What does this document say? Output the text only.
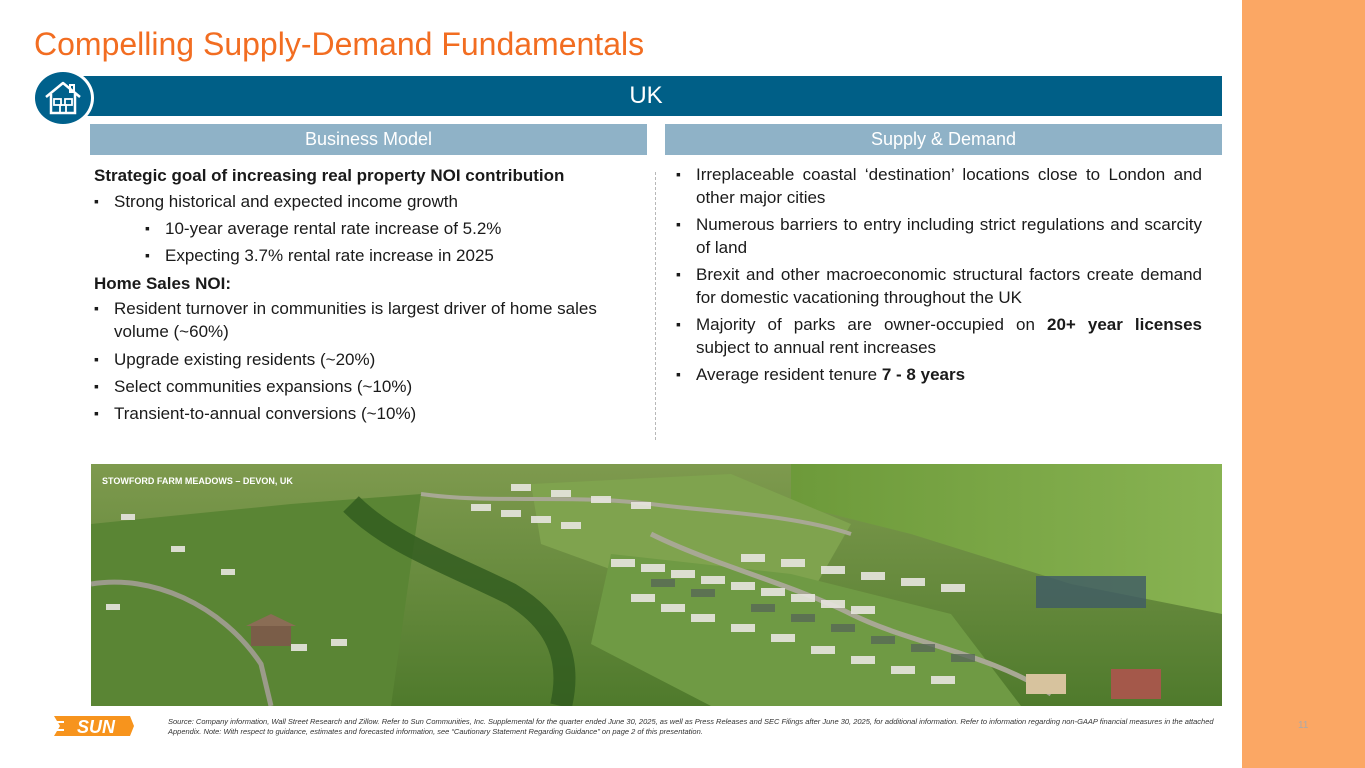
Compelling Supply-Demand Fundamentals
UK
Business Model	Supply & Demand
Strategic goal of increasing real property NOI contribution
▪ Strong historical and expected income growth
▪ 10-year average rental rate increase of 5.2%
▪ Expecting 3.7% rental rate increase in 2025
Home Sales NOI:
▪ Resident turnover in communities is largest driver of home sales volume (~60%)
▪ Upgrade existing residents (~20%)
▪ Select communities expansions (~10%)
▪ Transient-to-annual conversions (~10%)
▪ Irreplaceable coastal ‘destination’ locations close to London and other major cities
▪ Numerous barriers to entry including strict regulations and scarcity of land
▪ Brexit and other macroeconomic structural factors create demand for domestic vacationing throughout the UK
▪ Majority of parks are owner-occupied on 20+ year licenses subject to annual rent increases
▪ Average resident tenure 7 - 8 years
STOWFORD FARM MEADOWS – DEVON, UK
SUN	Source: Company information, Wall Street Research and Zillow. Refer to Sun Communities, Inc. Supplemental for the quarter ended June 30, 2025, as well as Press Releases and SEC Filings after June 30, 2025, for additional information. Refer to information regarding non-GAAP financial measures in the attached Appendix. Note: With respect to guidance, estimates and forecasted information, see “Cautionary Statement Regarding Guidance” on page 2 of this presentation.
11
